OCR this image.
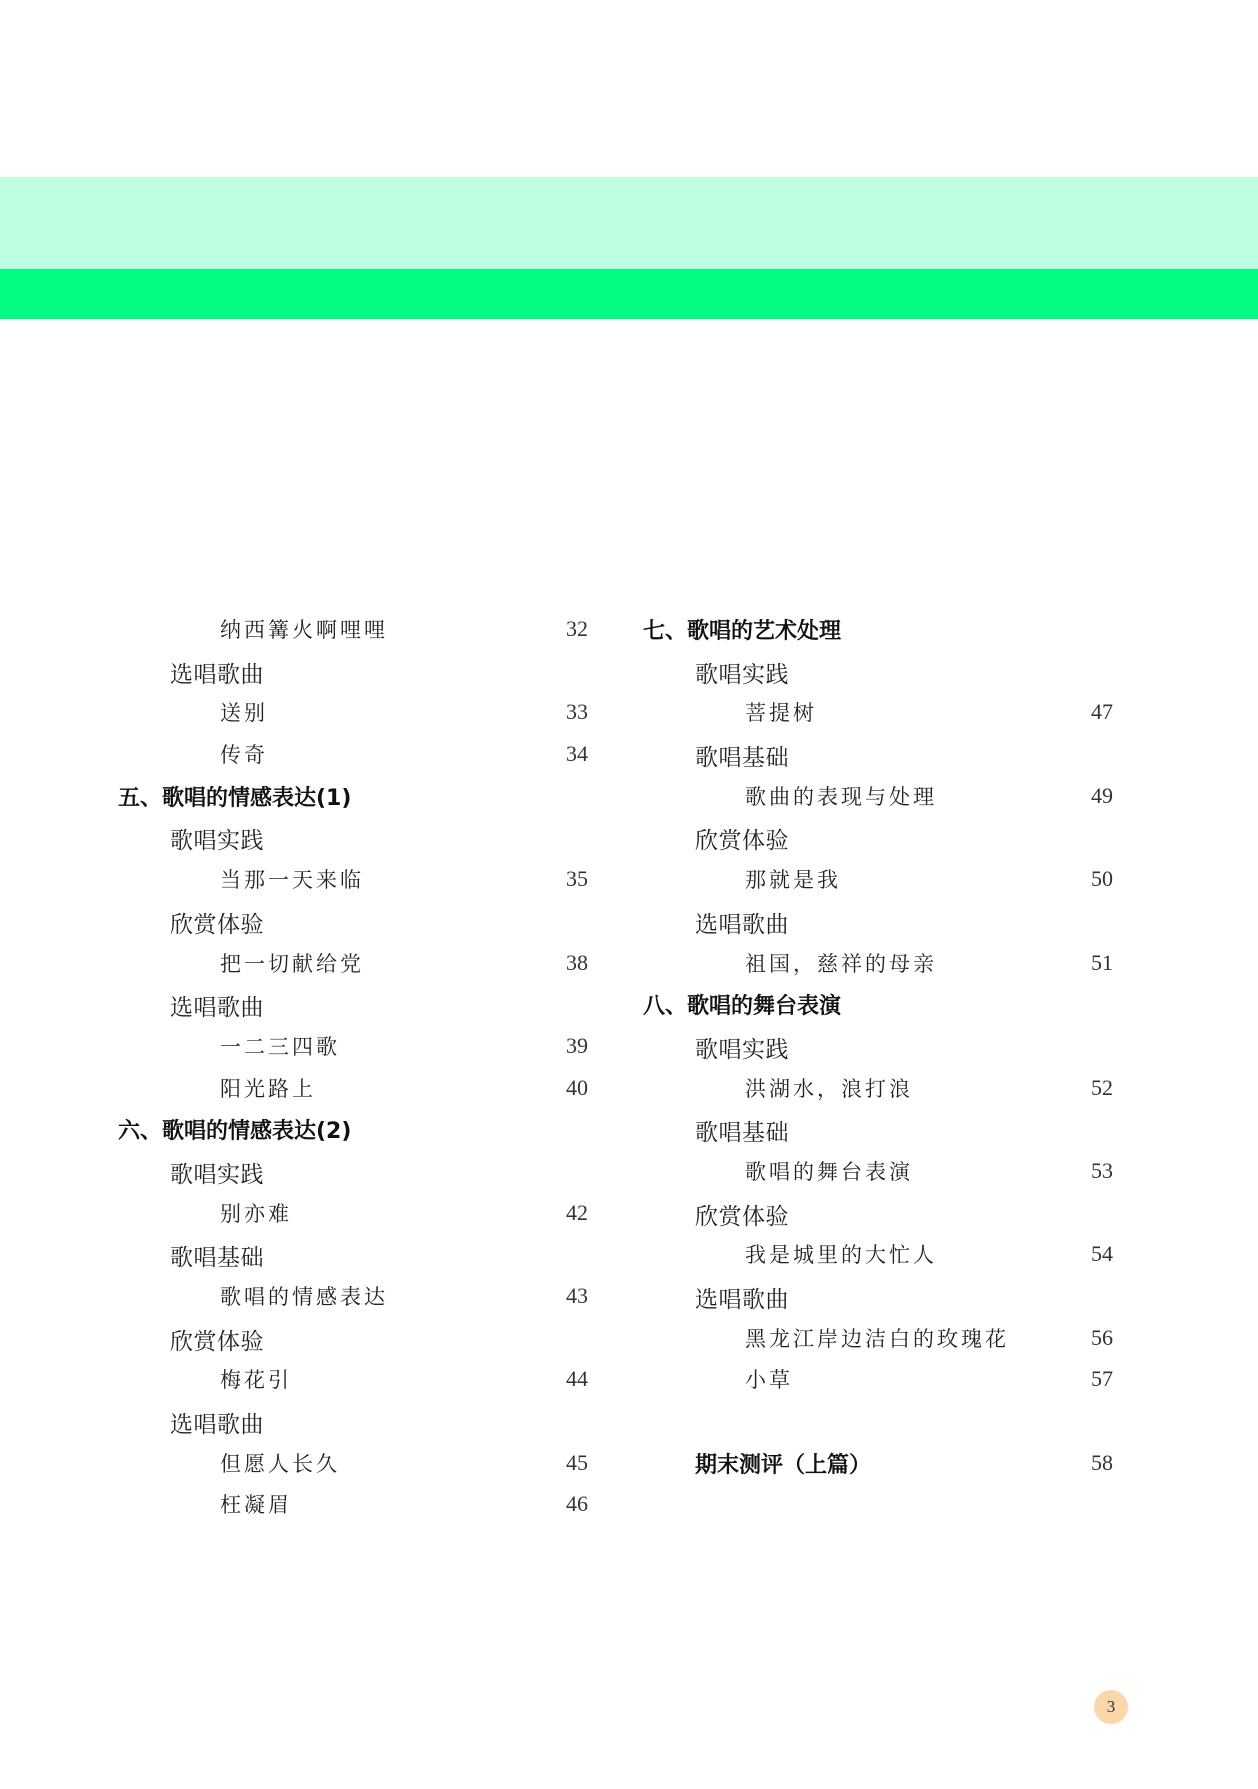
纳西篝火啊哩哩	32
选唱歌曲
送别	33
传奇	34
五、歌唱的情感表达(1)
歌唱实践
当那一天来临	35
欣赏体验
把一切献给党	38
选唱歌曲
一二三四歌	39
阳光路上	40
六、歌唱的情感表达(2)
歌唱实践
别亦难	42
歌唱基础
歌唱的情感表达	43
欣赏体验
梅花引	44
选唱歌曲
但愿人长久	45
枉凝眉	46
七、歌唱的艺术处理
歌唱实践
菩提树	47
歌唱基础
歌曲的表现与处理	49
欣赏体验
那就是我	50
选唱歌曲
祖国，慈祥的母亲	51
八、歌唱的舞台表演
歌唱实践
洪湖水，浪打浪	52
歌唱基础
歌唱的舞台表演	53
欣赏体验
我是城里的大忙人	54
选唱歌曲
黑龙江岸边洁白的玫瑰花	56
小草	57
期末测评（上篇）	58
3
